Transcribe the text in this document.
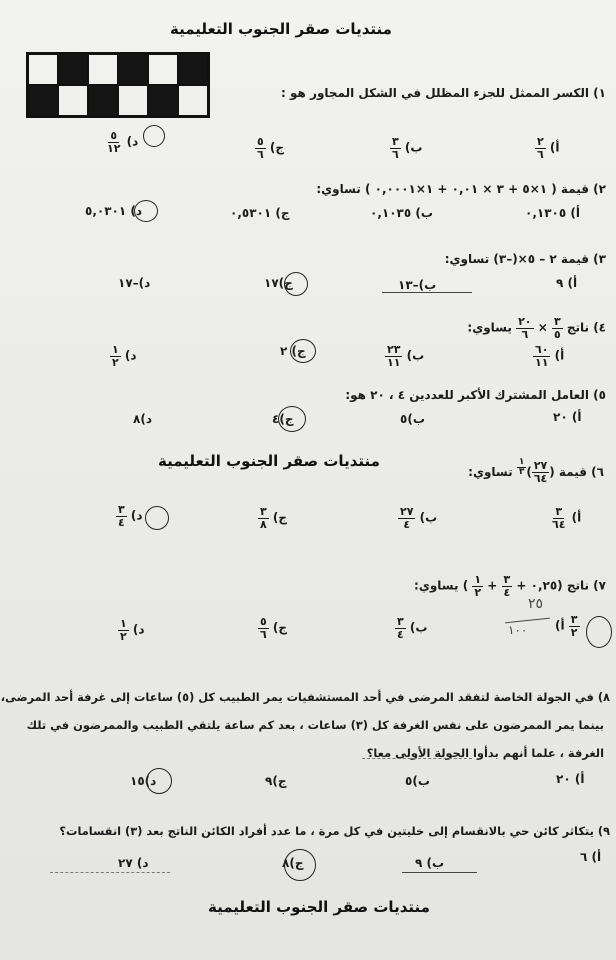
منتديات صقر الجنوب التعليمية
منتديات صقر الجنوب التعليمية
منتديات صقر الجنوب التعليمية
١) الكسر الممثل للجزء المظلل في الشكل المجاور هو :
أ)
$\frac{٢}{٦}$
ب)
$\frac{٣}{٦}$
ج)
$\frac{٥}{٦}$
د)
$\frac{٥}{١٢}$
٢) قيمة ( ١×٥ + ٣ × ٠,٠١ + ١×٠,٠٠٠١ ) تساوي:
أ) ٠,١٣٠٥
ب) ٠,١٠٣٥
ج) ٠,٥٣٠١
د) ٥,٠٣٠١
٣) قيمة ٢ – ٥×(–٣) تساوي:
أ) ٩
ب)–١٣
ج)١٧
د)–١٧
٤) ناتج
$\frac{٣}{٥}$
×
$\frac{٢٠}{٦}$
يساوي:
أ)
$\frac{٦٠}{١١}$
ب)
$\frac{٢٣}{١١}$
ج) ٢
د)
$\frac{١}{٢}$
٥) العامل المشترك الأكبر للعددين ٤ ، ٢٠ هو:
أ) ٢٠
ب)٥
ج)٤
د)٨
٦) قيمة (
$\frac{٢٧}{٦٤}$
)
$^{\frac{١}{٣}}$
تساوي:
أ)
$\frac{٣}{٦٤}$
ب)
$\frac{٢٧}{٤}$
ج)
$\frac{٣}{٨}$
د)
$\frac{٣}{٤}$
٧) ناتج (٠,٢٥ +
$\frac{٣}{٤}$
+
$\frac{١}{٢}$
) يساوي:
٢٥
١٠٠	$\frac{٣}{٢}$
أ)
ب)
$\frac{٣}{٤}$
ج)
$\frac{٥}{٦}$
د)
$\frac{١}{٢}$
٨) في الجولة الخاصة لتفقد المرضى في أحد المستشفيات يمر الطبيب كل (٥) ساعات إلى غرفة أحد المرضى،
بينما يمر الممرضون على نفس الغرفة كل (٣) ساعات ، بعد كم ساعة يلتقي الطبيب والممرضون في تلك
الغرفة ، علما أنهم بدأوا الجولة الأولى معا؟
أ) ٢٠
ب)٥
ج)٩
د)١٥
٩) يتكاثر كائن حي بالانقسام إلى خليتين في كل مرة ، ما عدد أفراد الكائن الناتج بعد (٣) انقسامات؟
أ) ٦
ب) ٩
ج)٨
د) ٢٧
